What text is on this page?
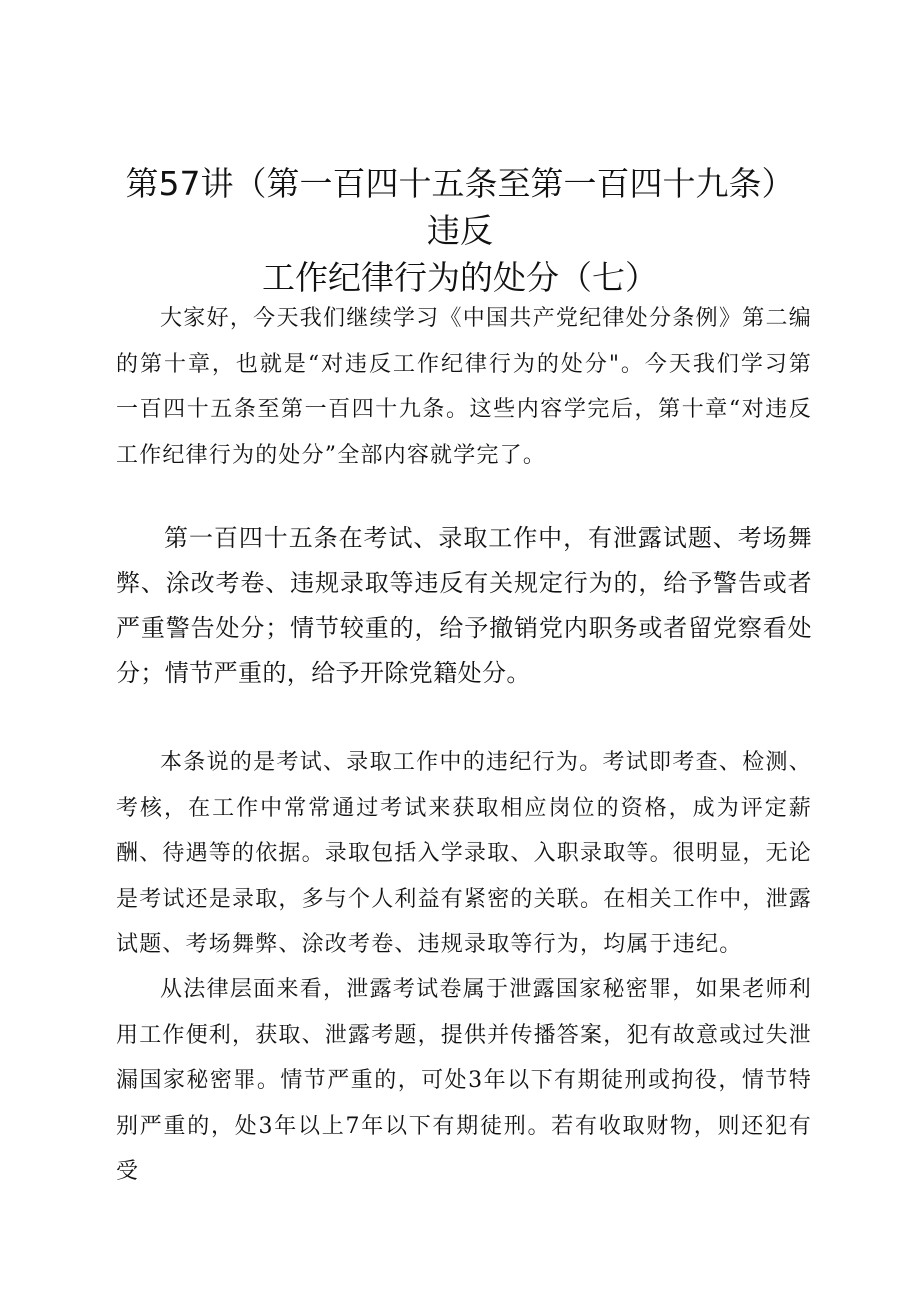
第57讲（第一百四十五条至第一百四十九条）违反
工作纪律行为的处分（七）

大家好，今天我们继续学习《中国共产党纪律处分条例》第二编的第十章，也就是“对违反工作纪律行为的处分"。今天我们学习第一百四十五条至第一百四十九条。这些内容学完后，第十章“对违反工作纪律行为的处分”全部内容就学完了。

第一百四十五条在考试、录取工作中，有泄露试题、考场舞弊、涂改考卷、违规录取等违反有关规定行为的，给予警告或者严重警告处分；情节较重的，给予撤销党内职务或者留党察看处分；情节严重的，给予开除党籍处分。

本条说的是考试、录取工作中的违纪行为。考试即考查、检测、考核，在工作中常常通过考试来获取相应岗位的资格，成为评定薪酬、待遇等的依据。录取包括入学录取、入职录取等。很明显，无论是考试还是录取，多与个人利益有紧密的关联。在相关工作中，泄露试题、考场舞弊、涂改考卷、违规录取等行为，均属于违纪。

从法律层面来看，泄露考试卷属于泄露国家秘密罪，如果老师利用工作便利，获取、泄露考题，提供并传播答案，犯有故意或过失泄漏国家秘密罪。情节严重的，可处3年以下有期徒刑或拘役，情节特别严重的，处3年以上7年以下有期徒刑。若有收取财物，则还犯有受
